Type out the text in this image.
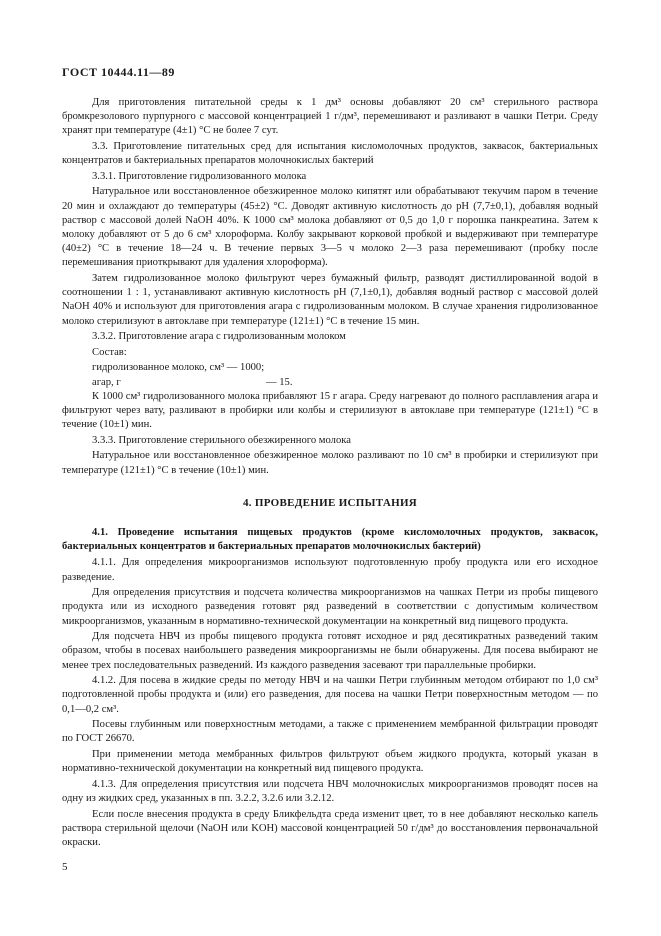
ГОСТ 10444.11—89

Для приготовления питательной среды к 1 дм³ основы добавляют 20 см³ стерильного раствора бромкрезолового пурпурного с массовой концентрацией 1 г/дм³, перемешивают и разливают в чашки Петри. Среду хранят при температуре (4±1) °С не более 7 сут.

3.3. Приготовление питательных сред для испытания кисломолочных продуктов, заквасок, бактериальных концентратов и бактериальных препаратов молочнокислых бактерий

3.3.1. Приготовление гидролизованного молока

Натуральное или восстановленное обезжиренное молоко кипятят или обрабатывают текучим паром в течение 20 мин и охлаждают до температуры (45±2) °С. Доводят активную кислотность до pH (7,7±0,1), добавляя водный раствор с массовой долей NaOH 40%. К 1000 см³ молока добавляют от 0,5 до 1,0 г порошка панкреатина. Затем к молоку добавляют от 5 до 6 см³ хлороформа. Колбу закрывают корковой пробкой и выдерживают при температуре (40±2) °С в течение 18—24 ч. В течение первых 3—5 ч молоко 2—3 раза перемешивают (пробку после перемешивания приоткрывают для удаления хлороформа).

Затем гидролизованное молоко фильтруют через бумажный фильтр, разводят дистиллированной водой в соотношении 1 : 1, устанавливают активную кислотность pH (7,1±0,1), добавляя водный раствор с массовой долей NaOH 40% и используют для приготовления агара с гидролизованным молоком. В случае хранения гидролизованное молоко стерилизуют в автоклаве при температуре (121±1) °С в течение 15 мин.

3.3.2. Приготовление агара с гидролизованным молоком

Состав:

гидролизованное молоко, см³ — 1000;
агар, г	— 15.

К 1000 см³ гидролизованного молока прибавляют 15 г агара. Среду нагревают до полного расплавления агара и фильтруют через вату, разливают в пробирки или колбы и стерилизуют в автоклаве при температуре (121±1) °С в течение (10±1) мин.

3.3.3. Приготовление стерильного обезжиренного молока

Натуральное или восстановленное обезжиренное молоко разливают по 10 см³ в пробирки и стерилизуют при температуре (121±1) °С в течение (10±1) мин.

4. ПРОВЕДЕНИЕ ИСПЫТАНИЯ

4.1. Проведение испытания пищевых продуктов (кроме кисломолочных продуктов, заквасок, бактериальных концентратов и бактериальных препаратов молочнокислых бактерий)

4.1.1. Для определения микроорганизмов используют подготовленную пробу продукта или его исходное разведение.

Для определения присутствия и подсчета количества микроорганизмов на чашках Петри из пробы пищевого продукта или из исходного разведения готовят ряд разведений в соответствии с допустимым количеством микроорганизмов, указанным в нормативно-технической документации на конкретный вид пищевого продукта.

Для подсчета НВЧ из пробы пищевого продукта готовят исходное и ряд десятикратных разведений таким образом, чтобы в посевах наибольшего разведения микроорганизмы не были обнаружены. Для посева выбирают не менее трех последовательных разведений. Из каждого разведения засевают три параллельные пробирки.

4.1.2. Для посева в жидкие среды по методу НВЧ и на чашки Петри глубинным методом отбирают по 1,0 см³ подготовленной пробы продукта и (или) его разведения, для посева на чашки Петри поверхностным методом — по 0,1—0,2 см³.

Посевы глубинным или поверхностным методами, а также с применением мембранной фильтрации проводят по ГОСТ 26670.

При применении метода мембранных фильтров фильтруют объем жидкого продукта, который указан в нормативно-технической документации на конкретный вид пищевого продукта.

4.1.3. Для определения присутствия или подсчета НВЧ молочнокислых микроорганизмов проводят посев на одну из жидких сред, указанных в пп. 3.2.2, 3.2.6 или 3.2.12.

Если после внесения продукта в среду Бликфельдта среда изменит цвет, то в нее добавляют несколько капель раствора стерильной щелочи (NaOH или KOH) массовой концентрацией 50 г/дм³ до восстановления первоначальной окраски.

5
